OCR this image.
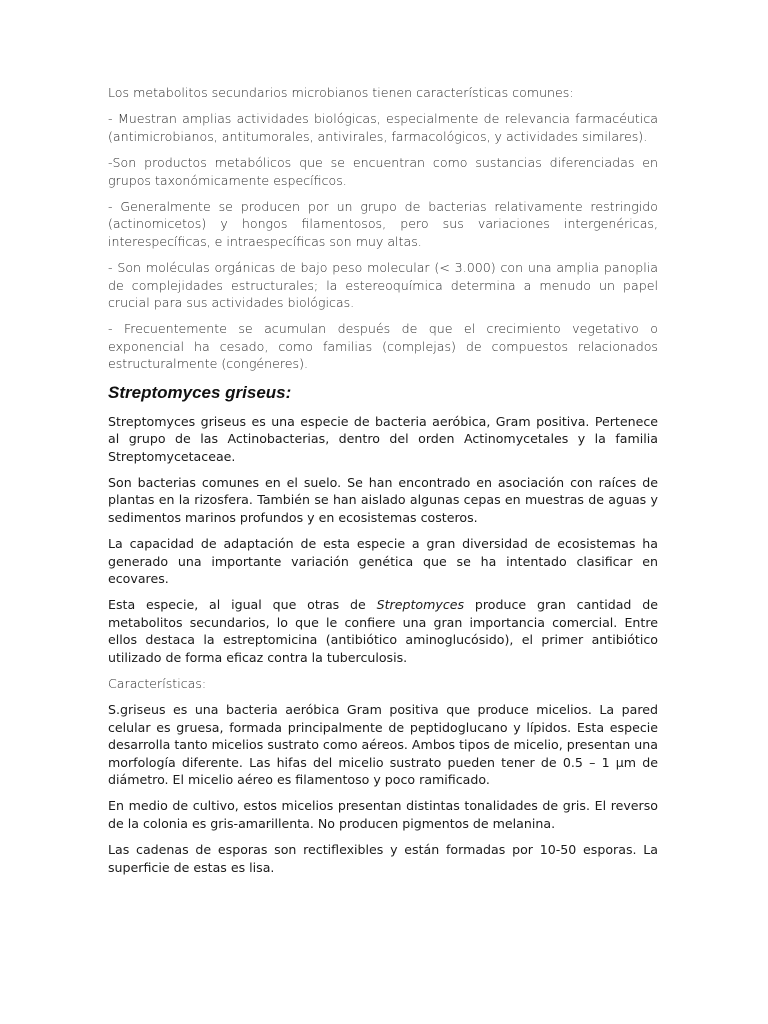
Los metabolitos secundarios microbianos tienen características comunes:

- Muestran amplias actividades biológicas, especialmente de relevancia farmacéutica (antimicrobianos, antitumorales, antivirales, farmacológicos, y actividades similares).

-Son productos metabólicos que se encuentran como sustancias diferenciadas en grupos taxonómicamente específicos.

- Generalmente se producen por un grupo de bacterias relativamente restringido (actinomicetos) y hongos filamentosos, pero sus variaciones intergenéricas, interespecíficas, e intraespecíficas son muy altas.

- Son moléculas orgánicas de bajo peso molecular (< 3.000) con una amplia panoplia de complejidades estructurales; la estereoquímica determina a menudo un papel crucial para sus actividades biológicas.

- Frecuentemente se acumulan después de que el crecimiento vegetativo o exponencial ha cesado, como familias (complejas) de compuestos relacionados estructuralmente (congéneres).

Streptomyces griseus:

Streptomyces griseus es una especie de bacteria aeróbica, Gram positiva. Pertenece al grupo de las Actinobacterias, dentro del orden Actinomycetales y la familia Streptomycetaceae.

Son bacterias comunes en el suelo. Se han encontrado en asociación con raíces de plantas en la rizosfera. También se han aislado algunas cepas en muestras de aguas y sedimentos marinos profundos y en ecosistemas costeros.

La capacidad de adaptación de esta especie a gran diversidad de ecosistemas ha generado una importante variación genética que se ha intentado clasificar en ecovares.

Esta especie, al igual que otras de Streptomyces produce gran cantidad de metabolitos secundarios, lo que le confiere una gran importancia comercial. Entre ellos destaca la estreptomicina (antibiótico aminoglucósido), el primer antibiótico utilizado de forma eficaz contra la tuberculosis.

Características:

S.griseus es una bacteria aeróbica Gram positiva que produce micelios. La pared celular es gruesa, formada principalmente de peptidoglucano y lípidos. Esta especie desarrolla tanto micelios sustrato como aéreos. Ambos tipos de micelio, presentan una morfología diferente. Las hifas del micelio sustrato pueden tener de 0.5 – 1 µm de diámetro. El micelio aéreo es filamentoso y poco ramificado.

En medio de cultivo, estos micelios presentan distintas tonalidades de gris. El reverso de la colonia es gris-amarillenta. No producen pigmentos de melanina.

Las cadenas de esporas son rectiflexibles y están formadas por 10-50 esporas. La superficie de estas es lisa.
